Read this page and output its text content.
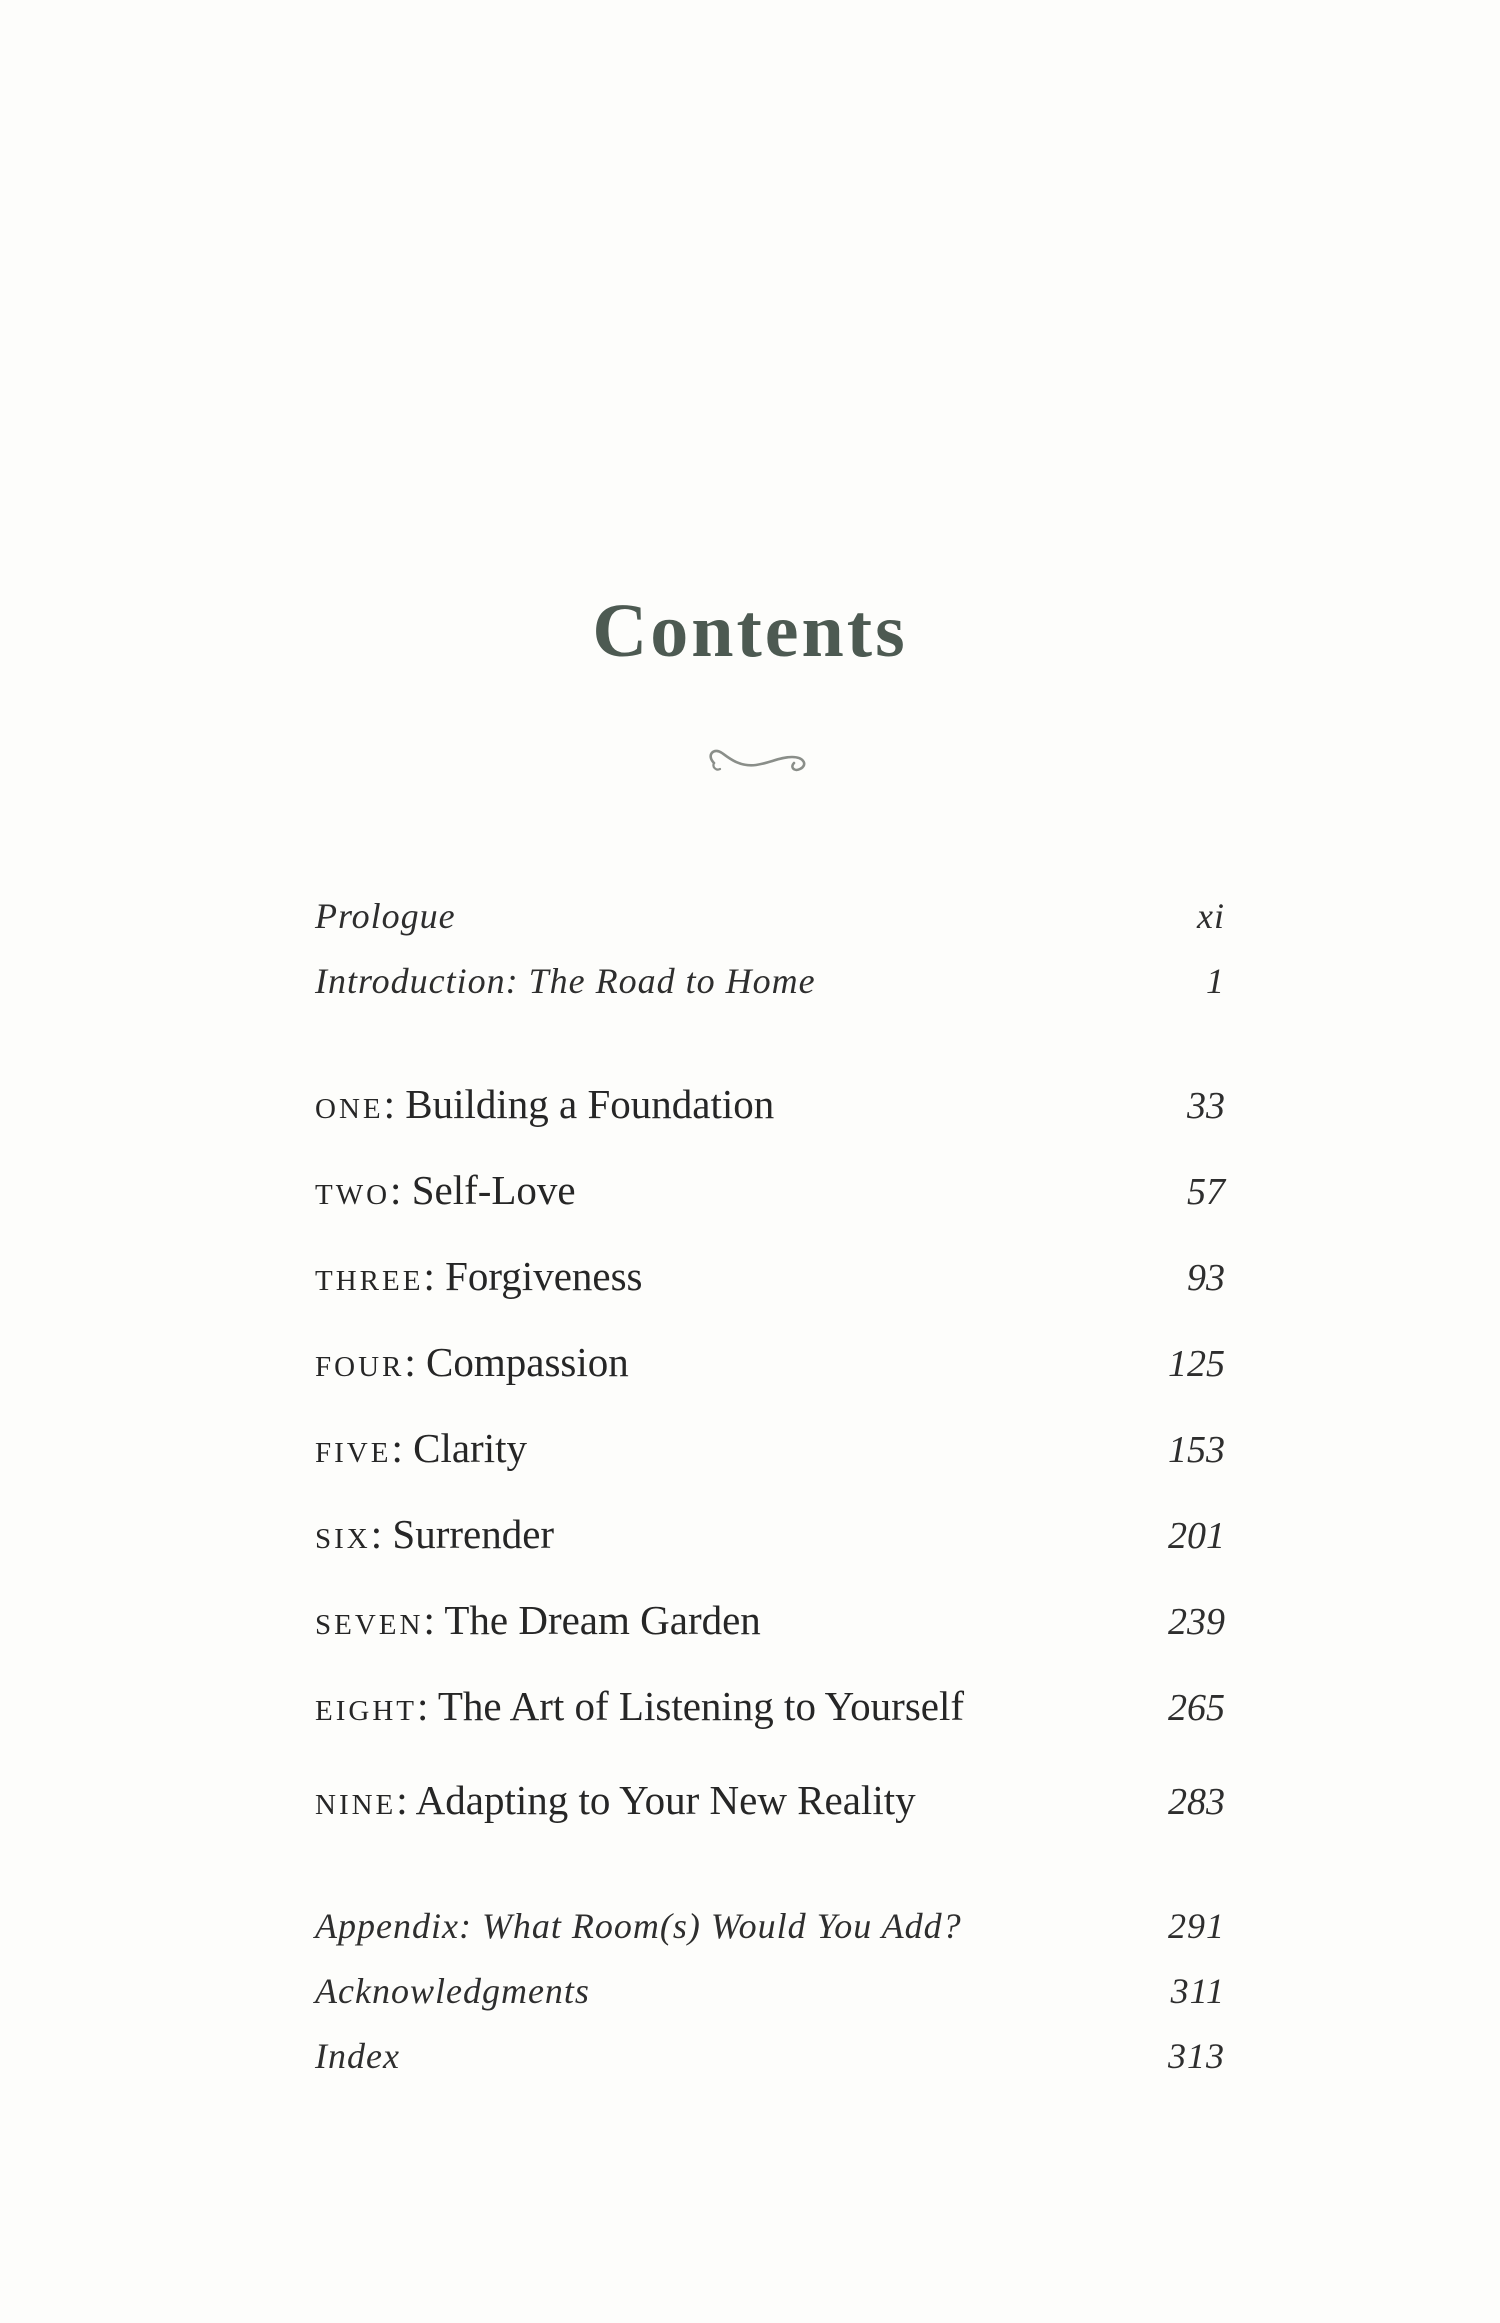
Contents
Prologue	xi
Introduction: The Road to Home	1
one: Building a Foundation	33
two: Self-Love	57
three: Forgiveness	93
four: Compassion	125
five: Clarity	153
six: Surrender	201
seven: The Dream Garden	239
eight: The Art of Listening to Yourself	265
nine: Adapting to Your New Reality	283
Appendix: What Room(s) Would You Add?	291
Acknowledgments	311
Index	313
